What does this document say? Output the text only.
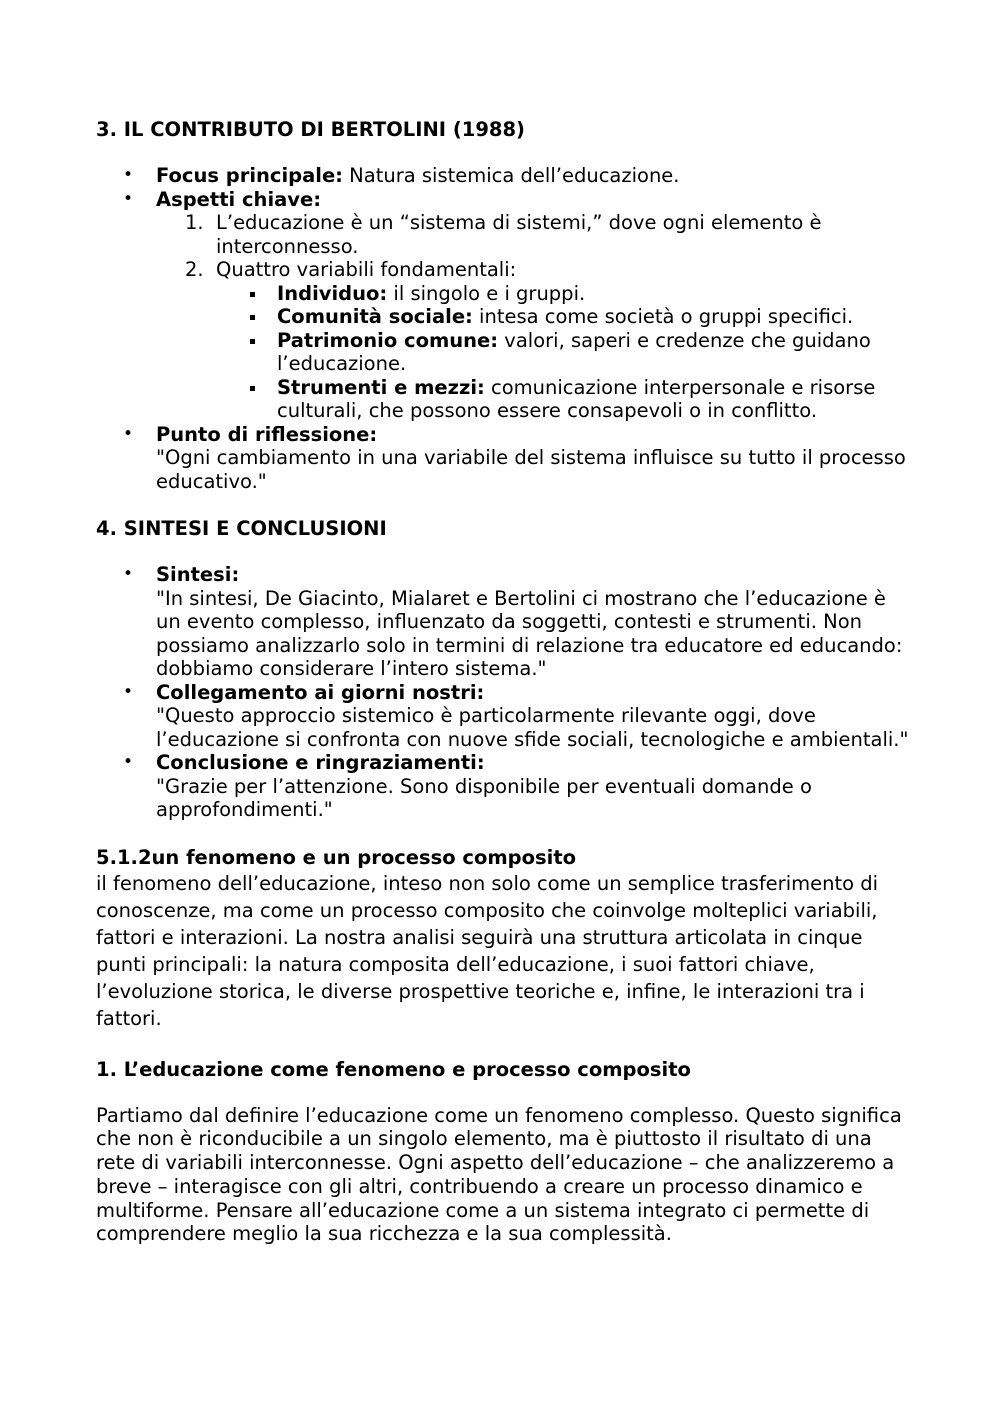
3. IL CONTRIBUTO DI BERTOLINI (1988)
• Focus principale: Natura sistemica dell’educazione.
• Aspetti chiave:
1. L’educazione è un “sistema di sistemi,” dove ogni elemento è interconnesso.
2. Quattro variabili fondamentali:
Individuo: il singolo e i gruppi.
Comunità sociale: intesa come società o gruppi specifici.
Patrimonio comune: valori, saperi e credenze che guidano l’educazione.
Strumenti e mezzi: comunicazione interpersonale e risorse culturali, che possono essere consapevoli o in conflitto.
• Punto di riflessione:
"Ogni cambiamento in una variabile del sistema influisce su tutto il processo educativo."
4. SINTESI E CONCLUSIONI
• Sintesi:
"In sintesi, De Giacinto, Mialaret e Bertolini ci mostrano che l’educazione è un evento complesso, influenzato da soggetti, contesti e strumenti. Non possiamo analizzarlo solo in termini di relazione tra educatore ed educando: dobbiamo considerare l’intero sistema."
• Collegamento ai giorni nostri:
"Questo approccio sistemico è particolarmente rilevante oggi, dove l’educazione si confronta con nuove sfide sociali, tecnologiche e ambientali."
• Conclusione e ringraziamenti:
"Grazie per l’attenzione. Sono disponibile per eventuali domande o approfondimenti."
5.1.2un fenomeno e un processo composito

il fenomeno dell’educazione, inteso non solo come un semplice trasferimento di conoscenze, ma come un processo composito che coinvolge molteplici variabili, fattori e interazioni. La nostra analisi seguirà una struttura articolata in cinque punti principali: la natura composita dell’educazione, i suoi fattori chiave, l’evoluzione storica, le diverse prospettive teoriche e, infine, le interazioni tra i fattori.

1. L’educazione come fenomeno e processo composito

Partiamo dal definire l’educazione come un fenomeno complesso. Questo significa che non è riconducibile a un singolo elemento, ma è piuttosto il risultato di una rete di variabili interconnesse. Ogni aspetto dell’educazione – che analizzeremo a breve – interagisce con gli altri, contribuendo a creare un processo dinamico e multiforme. Pensare all’educazione come a un sistema integrato ci permette di comprendere meglio la sua ricchezza e la sua complessità.
